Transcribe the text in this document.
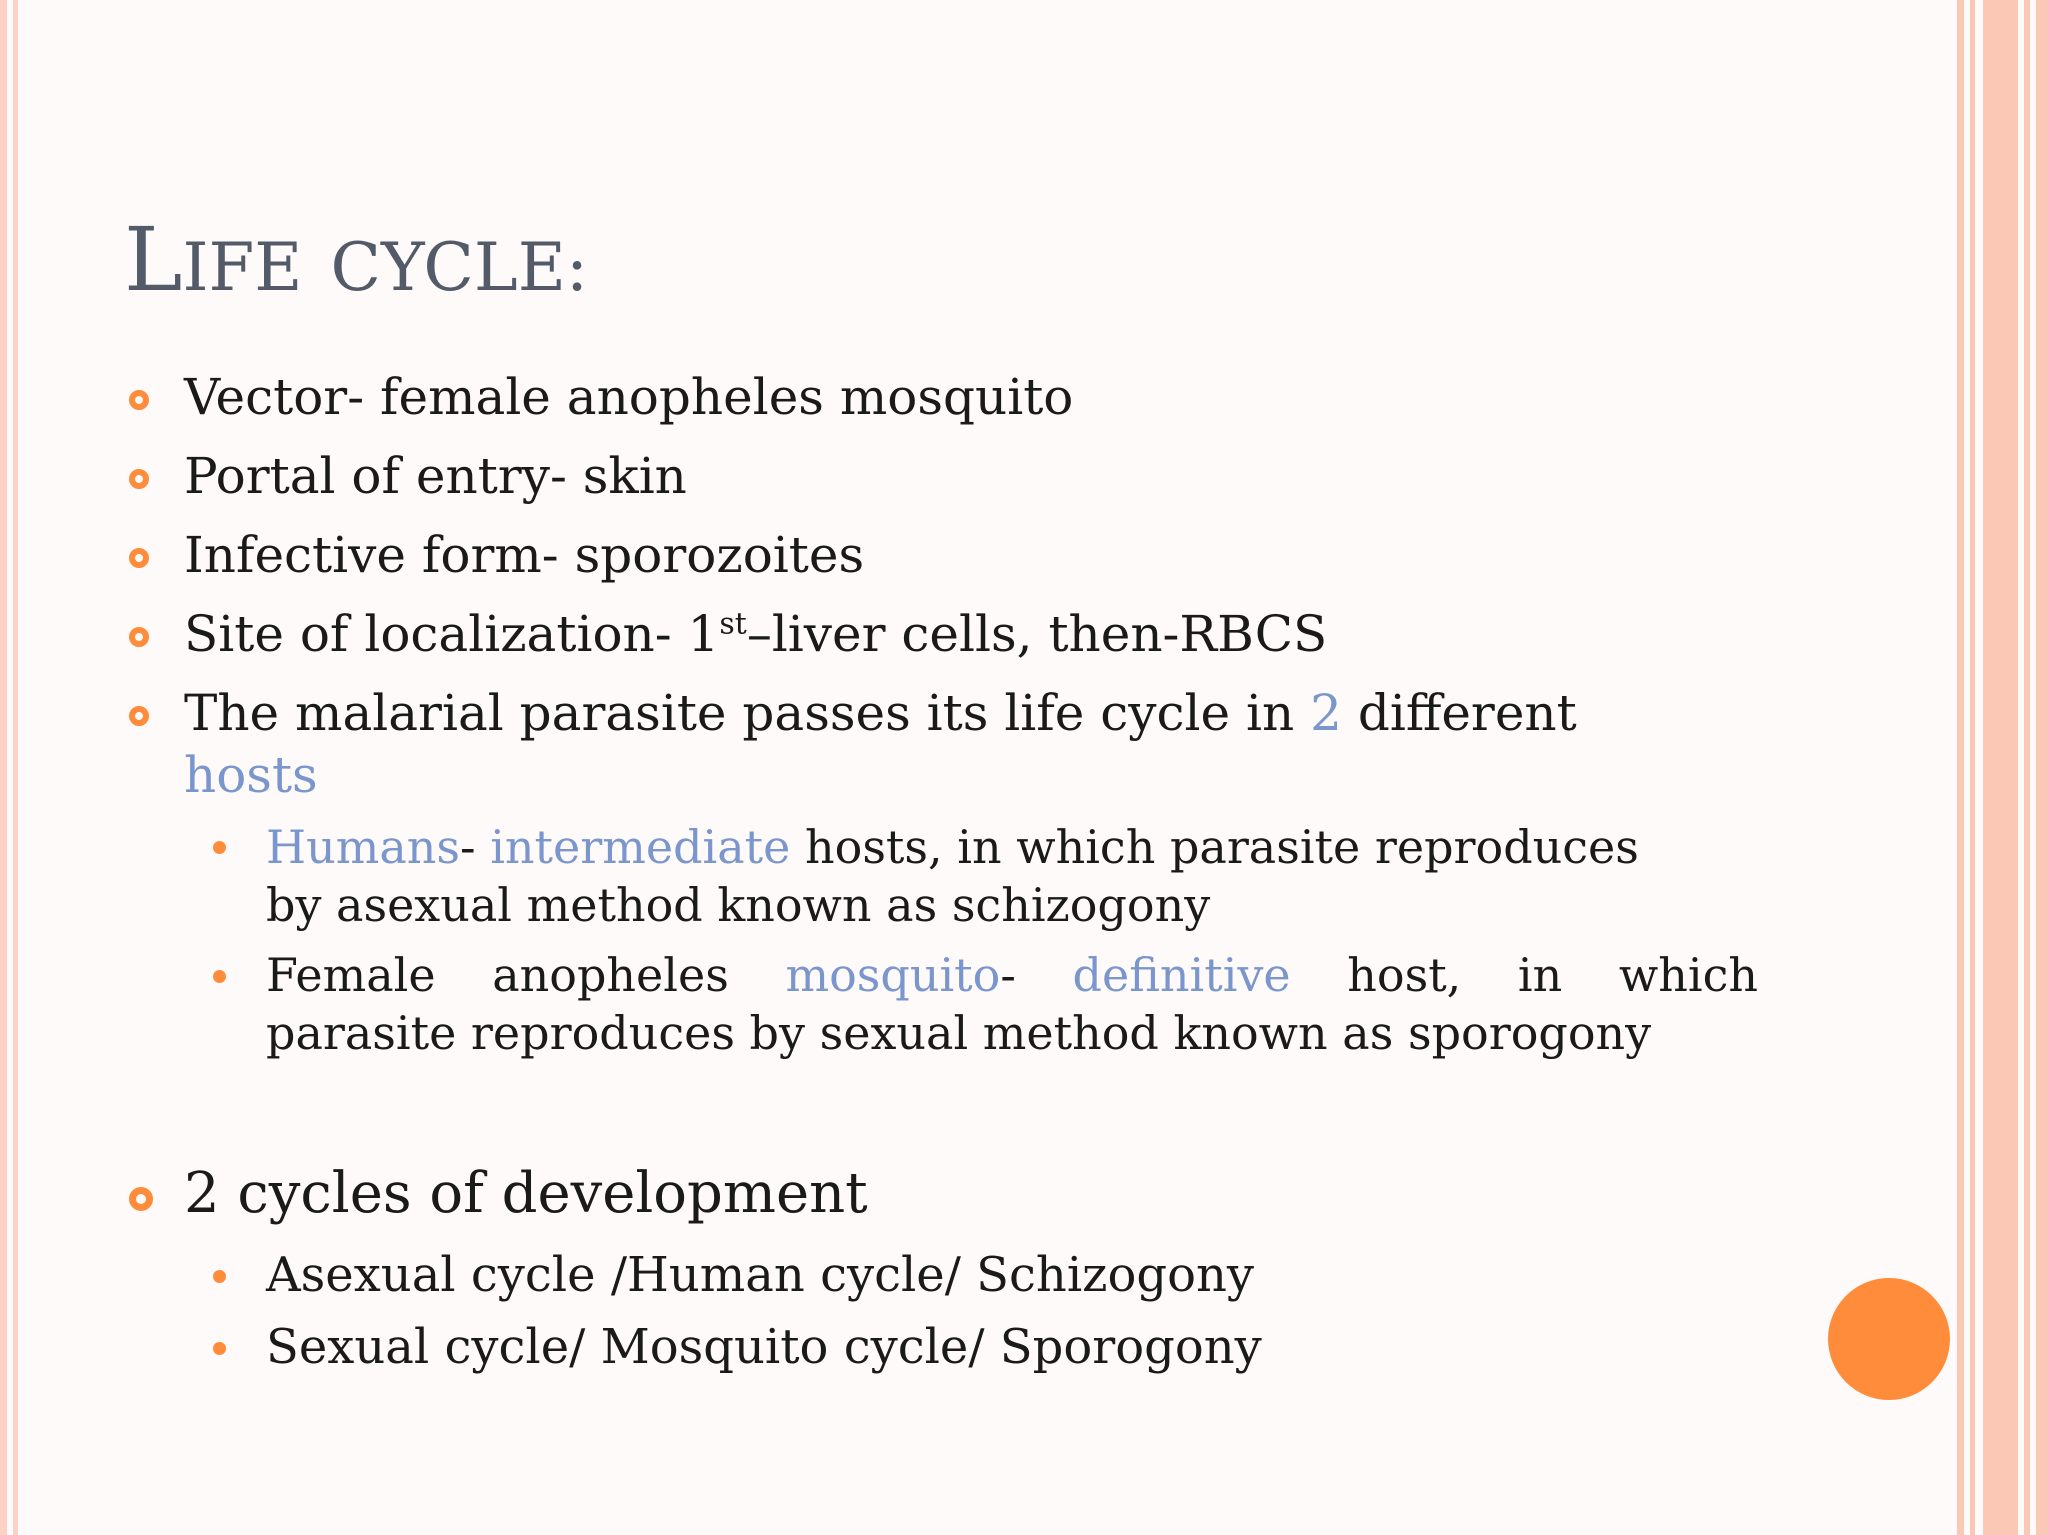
LIFE CYCLE:
Vector- female anopheles mosquito
Portal of entry- skin
Infective form- sporozoites
Site of localization- 1st–liver cells, then-RBCS
The malarial parasite passes its life cycle in 2 different
hosts
Humans- intermediate hosts, in which parasite reproduces
by asexual method known as schizogony
Female anopheles mosquito- definitive host, in which
parasite reproduces by sexual method known as sporogony
2 cycles of development
Asexual cycle /Human cycle/ Schizogony
Sexual cycle/ Mosquito cycle/ Sporogony
